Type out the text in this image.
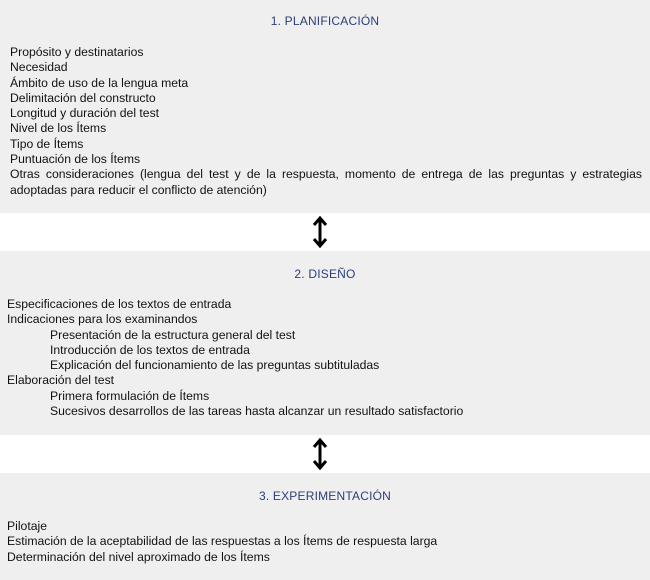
1. PLANIFICACIÓN
Propósito y destinatarios
Necesidad
Ámbito de uso de la lengua meta
Delimitación del constructo
Longitud y duración del test
Nivel de los Ítems
Tipo de Ítems
Puntuación de los Ítems
Otras consideraciones (lengua del test y de la respuesta, momento de entrega de las preguntas y estrategias adoptadas para reducir el conflicto de atención)
2. DISEÑO
Especificaciones de los textos de entrada
Indicaciones para los examinandos
Presentación de la estructura general del test
Introducción de los textos de entrada
Explicación del funcionamiento de las preguntas subtituladas
Elaboración del test
Primera formulación de Ítems
Sucesivos desarrollos de las tareas hasta alcanzar un resultado satisfactorio
3. EXPERIMENTACIÓN
Pilotaje
Estimación de la aceptabilidad de las respuestas a los Ítems de respuesta larga
Determinación del nivel aproximado de los Ítems
